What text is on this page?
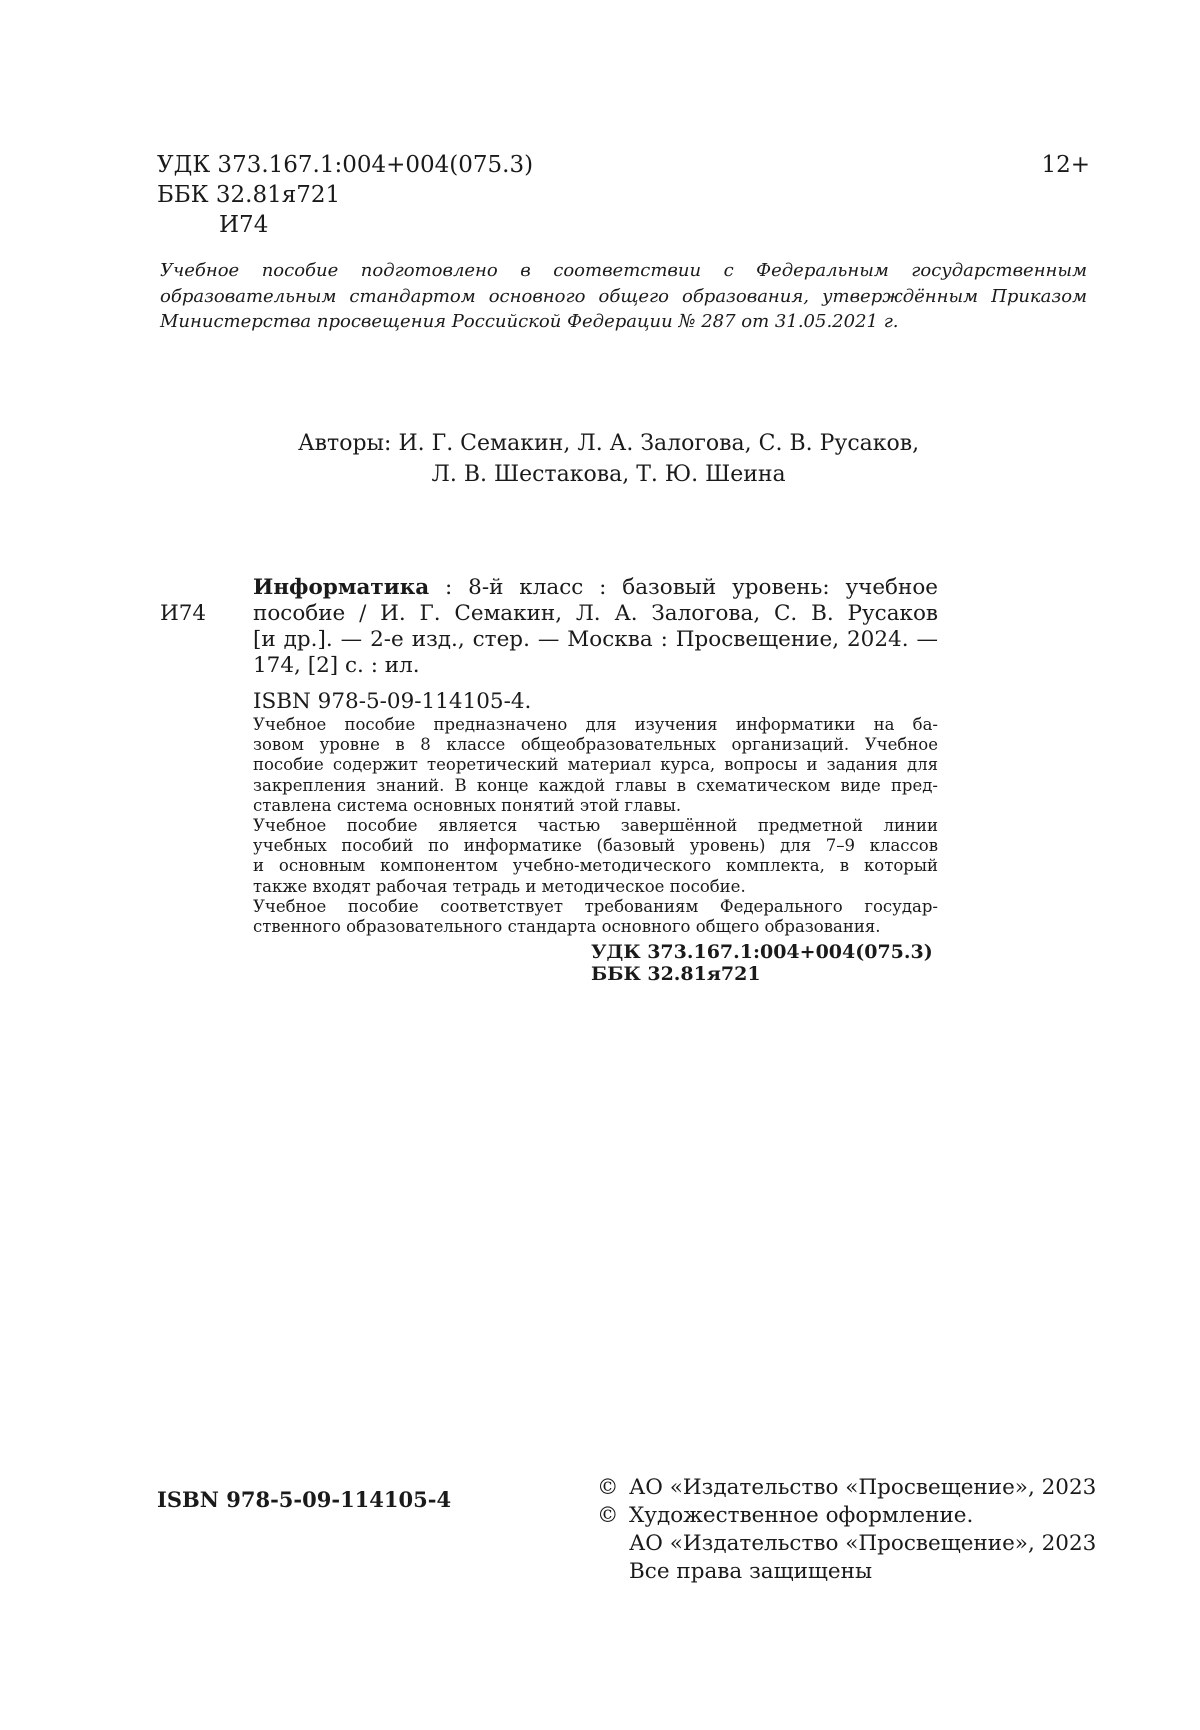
УДК 373.167.1:004+004(075.3)
ББК 32.81я721
И74
12+
Учебное пособие подготовлено в соответствии с Федеральным государственным
образовательным стандартом основного общего образования, утверждённым Приказом
Министерства просвещения Российской Федерации № 287 от 31.05.2021 г.
Авторы: И. Г. Семакин, Л. А. Залогова, С. В. Русаков,
Л. В. Шестакова, Т. Ю. Шеина
И74
Информатика : 8-й класс : базовый уровень: учебное
пособие / И. Г. Семакин, Л. А. Залогова, С. В. Русаков
[и др.]. — 2-е изд., стер. — Москва : Просвещение, 2024. —
174, [2] с. : ил.
ISBN 978-5-09-114105-4.
Учебное пособие предназначено для изучения информатики на ба-
зовом уровне в 8 классе общеобразовательных организаций. Учебное
пособие содержит теоретический материал курса, вопросы и задания для
закрепления знаний. В конце каждой главы в схематическом виде пред-
ставлена система основных понятий этой главы.
Учебное пособие является частью завершённой предметной линии
учебных пособий по информатике (базовый уровень) для 7–9 классов
и основным компонентом учебно-методического комплекта, в который
также входят рабочая тетрадь и методическое пособие.
Учебное пособие соответствует требованиям Федерального государ-
ственного образовательного стандарта основного общего образования.
УДК 373.167.1:004+004(075.3)
ББК 32.81я721
ISBN 978-5-09-114105-4	© АО «Издательство «Просвещение», 2023
© Художественное оформление.
АО «Издательство «Просвещение», 2023
Все права защищены
